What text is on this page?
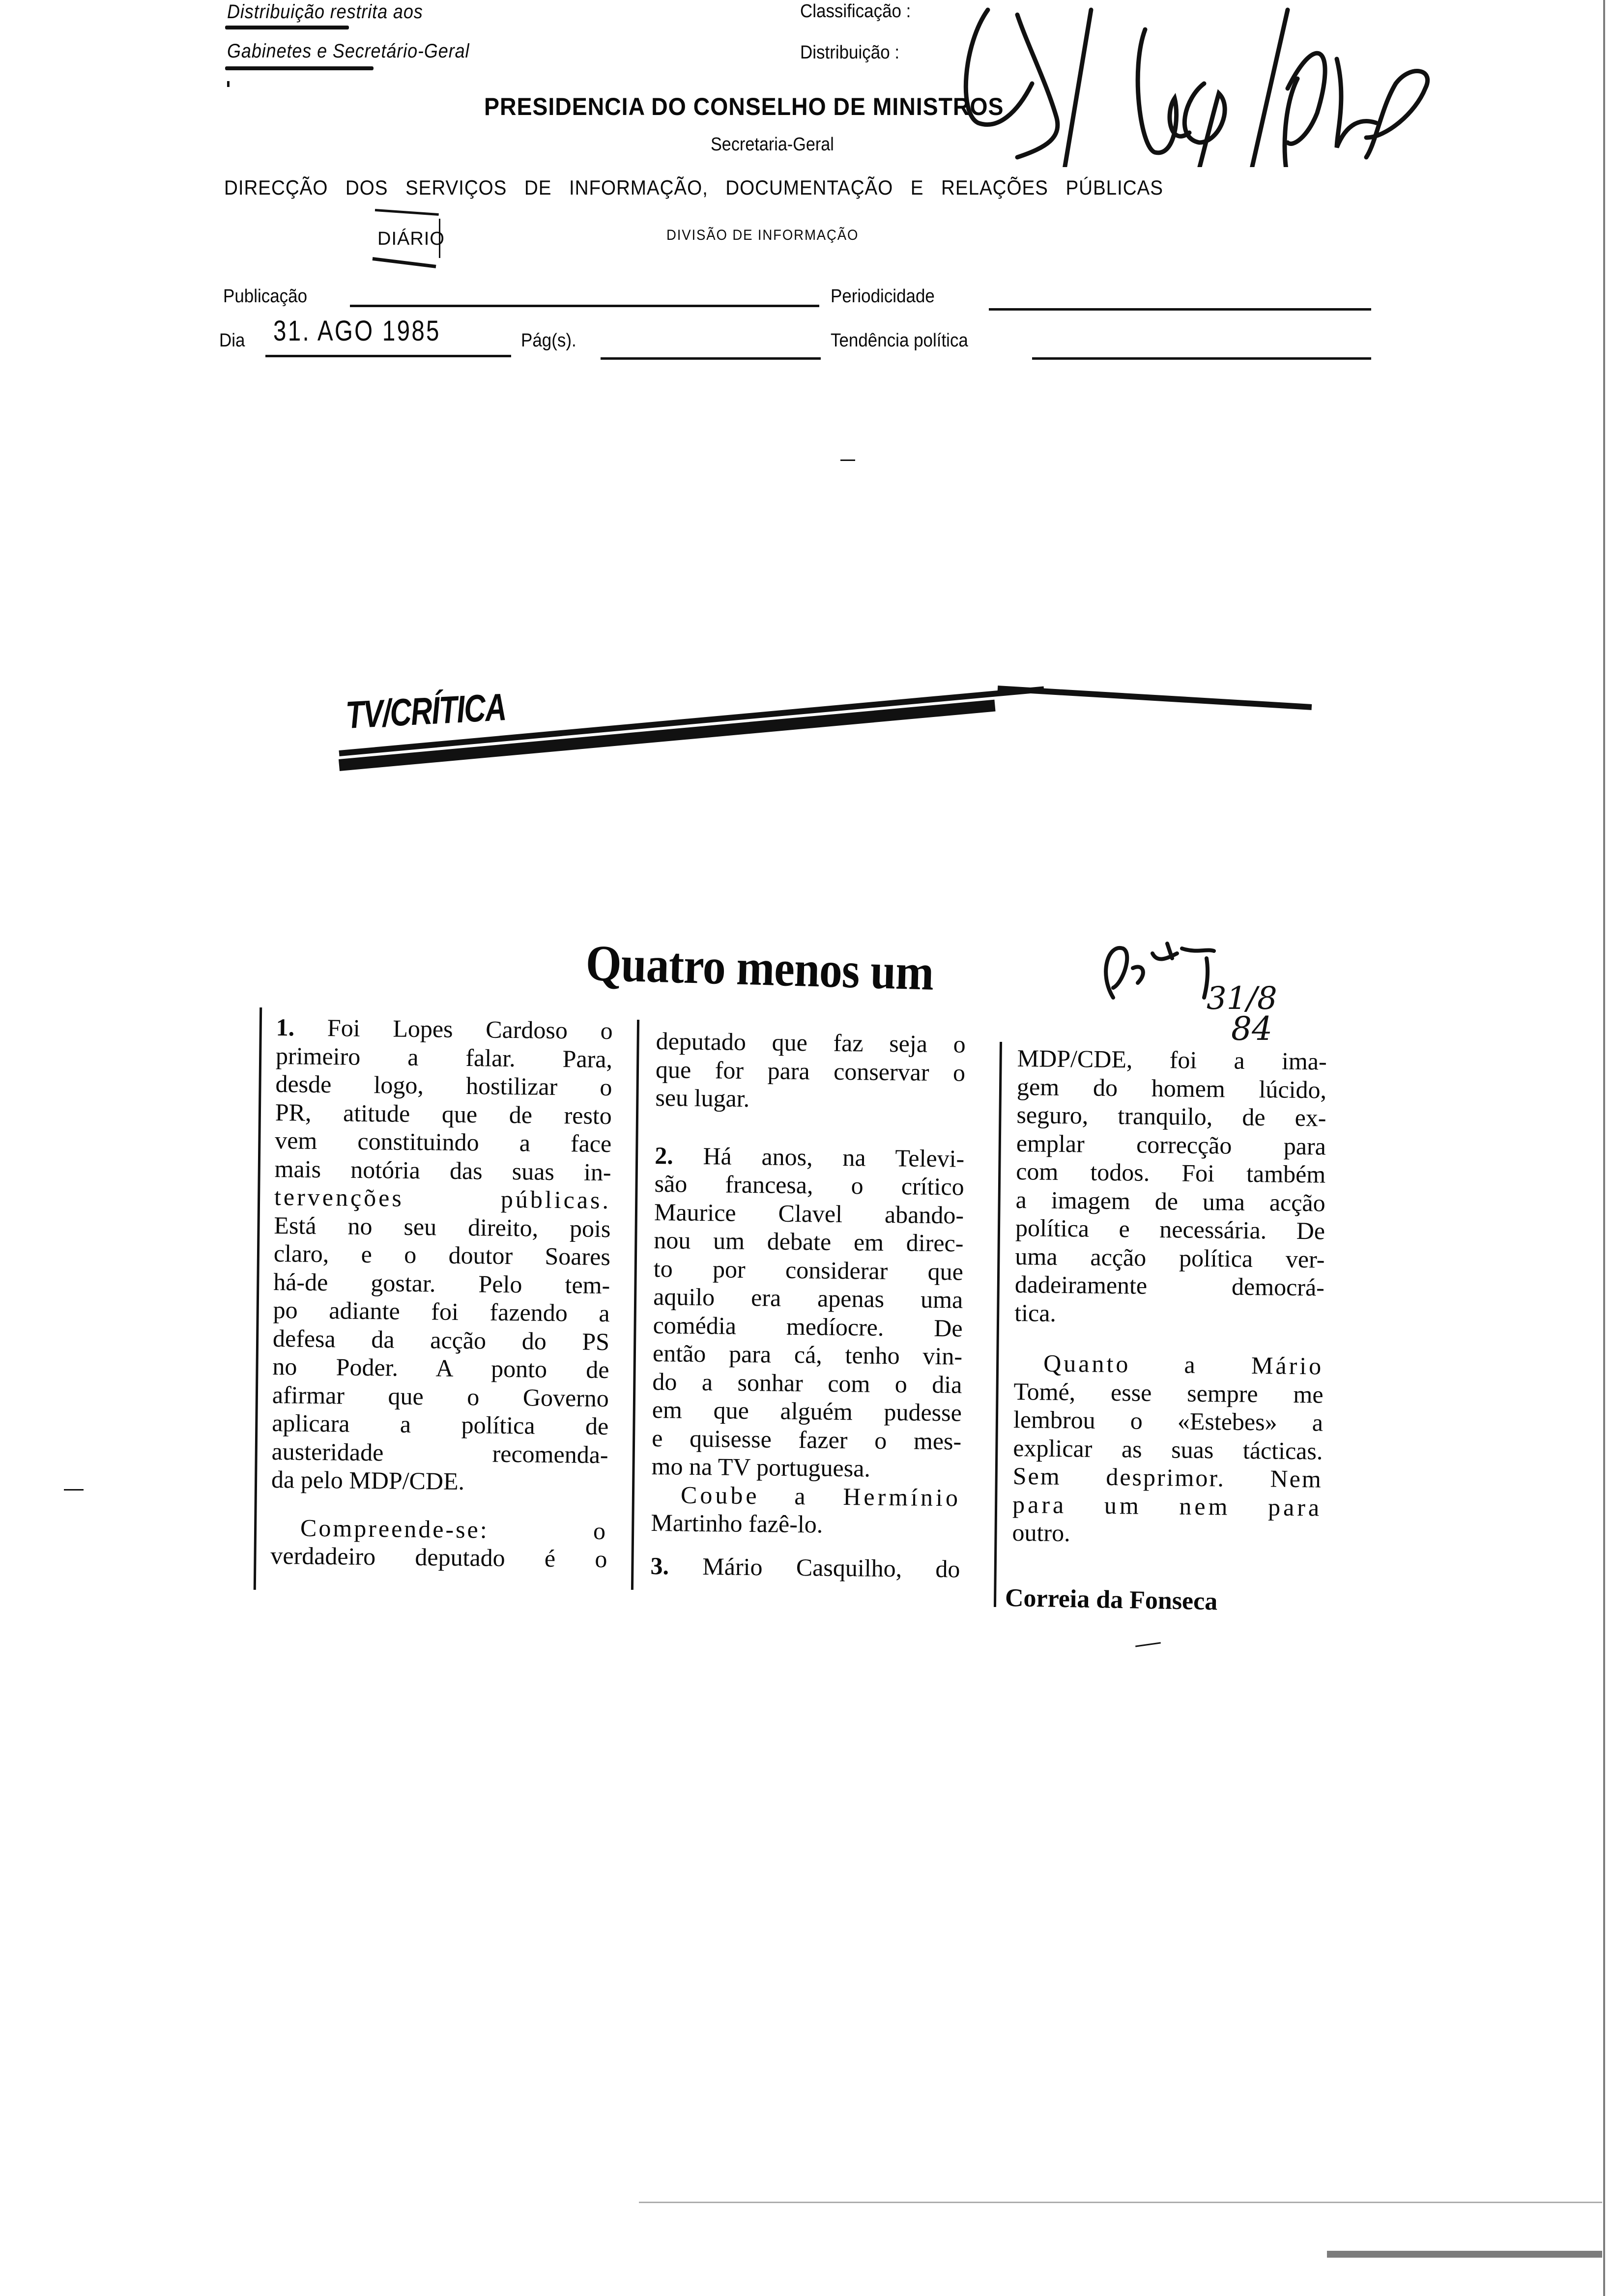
Distribuição restrita aos
Gabinetes e Secretário-Geral
Classificação :
Distribuição :
PRESIDENCIA DO CONSELHO DE MINISTROS
Secretaria-Geral
DIRECÇÃO DOS SERVIÇOS DE INFORMAÇÃO, DOCUMENTAÇÃO E RELAÇÕES PÚBLICAS
DIÁRIO	DIVISÃO DE INFORMAÇÃO
Publicação	Periodicidade
Dia 31. AGO 1985	Pág(s).	Tendência política
TV/CRÍTICA
Quatro menos um	31/8
84
1. Foi Lopes Cardoso o
primeiro a falar. Para,
desde logo, hostilizar o
PR, atitude que de resto
vem constituindo a face
mais notória das suas in-
tervenções públicas.
Está no seu direito, pois
claro, e o doutor Soares
há-de gostar. Pelo tem-
po adiante foi fazendo a
defesa da acção do PS
no Poder. A ponto de
afirmar que o Governo
aplicara a política de
austeridade recomenda-
da pelo MDP/CDE.
Compreende-se: o
verdadeiro deputado é o
deputado que faz seja o
que for para conservar o
seu lugar.
2. Há anos, na Televi-
são francesa, o crítico
Maurice Clavel abando-
nou um debate em direc-
to por considerar que
aquilo era apenas uma
comédia medíocre. De
então para cá, tenho vin-
do a sonhar com o dia
em que alguém pudesse
e quisesse fazer o mes-
mo na TV portuguesa.
Coube a Hermínio
Martinho fazê-lo.
3. Mário Casquilho, do
MDP/CDE, foi a ima-
gem do homem lúcido,
seguro, tranquilo, de ex-
emplar correcção para
com todos. Foi também
a imagem de uma acção
política e necessária. De
uma acção política ver-
dadeiramente democrá-
tica.
Quanto a Mário
Tomé, esse sempre me
lembrou o «Estebes» a
explicar as suas tácticas.
Sem desprimor. Nem
para um nem para
outro.
Correia da Fonseca
